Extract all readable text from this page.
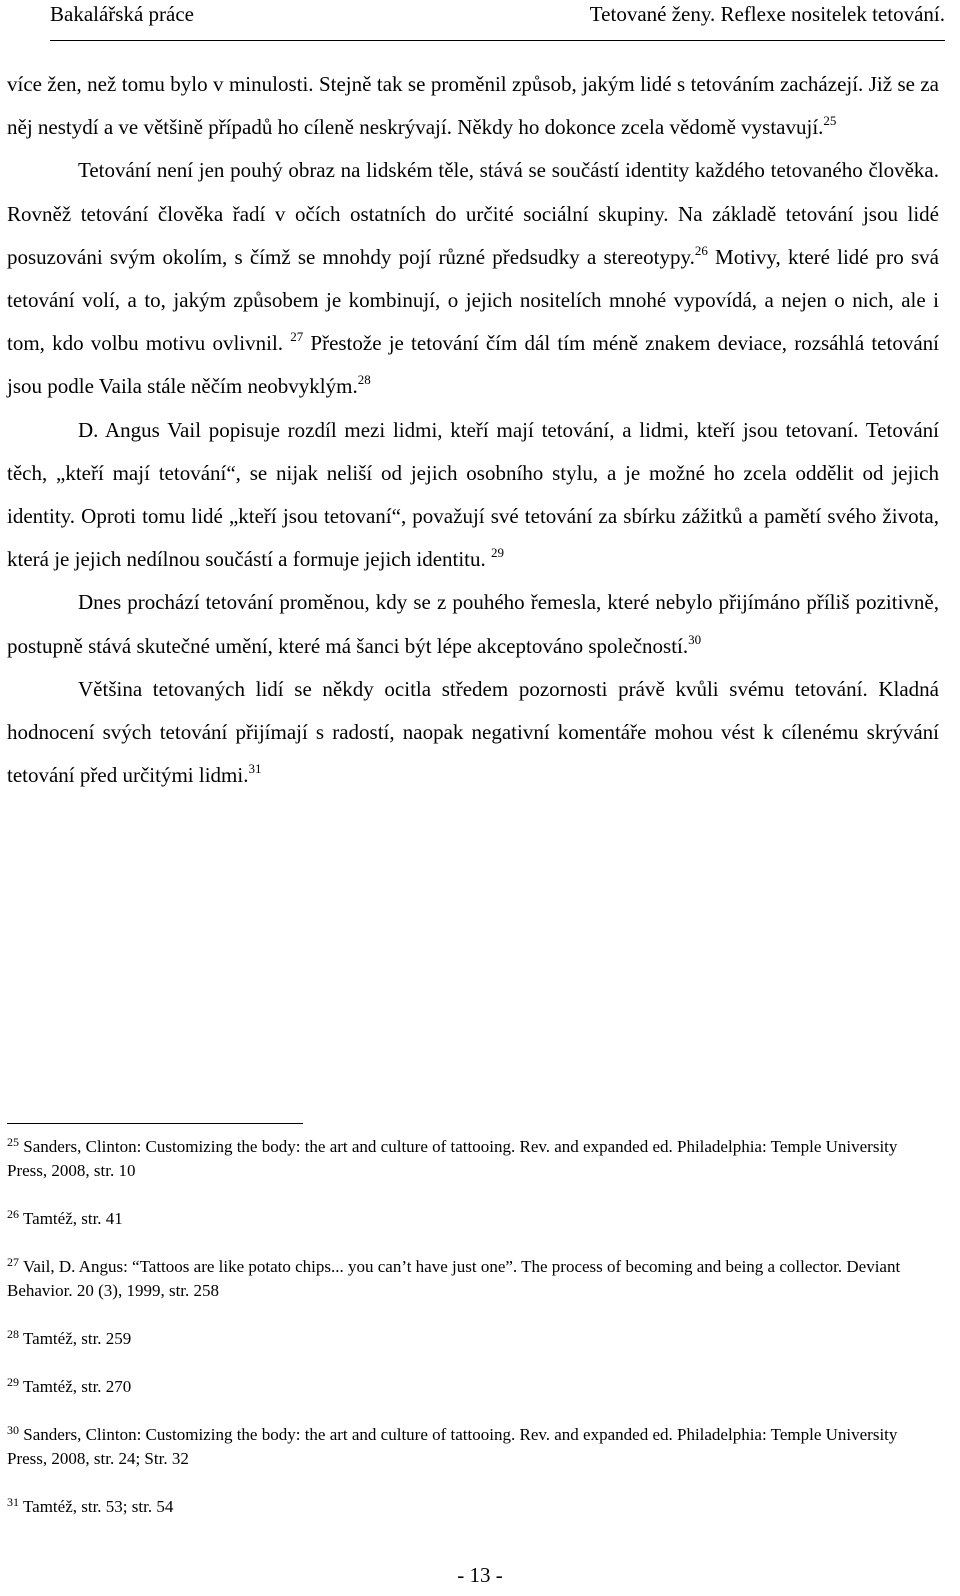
Bakalářská práce	Tetované ženy. Reflexe nositelek tetování.

více žen, než tomu bylo v minulosti. Stejně tak se proměnil způsob, jakým lidé s tetováním zacházejí. Již se za něj nestydí a ve většině případů ho cíleně neskrývají. Někdy ho dokonce zcela vědomě vystavují.$^{25}$

Tetování není jen pouhý obraz na lidském těle, stává se součástí identity každého tetovaného člověka. Rovněž tetování člověka řadí v očích ostatních do určité sociální skupiny. Na základě tetování jsou lidé posuzováni svým okolím, s čímž se mnohdy pojí různé předsudky a stereotypy.$^{26}$ Motivy, které lidé pro svá tetování volí, a to, jakým způsobem je kombinují, o jejich nositelích mnohé vypovídá, a nejen o nich, ale i tom, kdo volbu motivu ovlivnil. $^{27}$ Přestože je tetování čím dál tím méně znakem deviace, rozsáhlá tetování jsou podle Vaila stále něčím neobvyklým.$^{28}$

D. Angus Vail popisuje rozdíl mezi lidmi, kteří mají tetování, a lidmi, kteří jsou tetovaní. Tetování těch, „kteří mají tetování“, se nijak neliší od jejich osobního stylu, a je možné ho zcela oddělit od jejich identity. Oproti tomu lidé „kteří jsou tetovaní“, považují své tetování za sbírku zážitků a pamětí svého života, která je jejich nedílnou součástí a formuje jejich identitu. $^{29}$

Dnes prochází tetování proměnou, kdy se z pouhého řemesla, které nebylo přijímáno příliš pozitivně, postupně stává skutečné umění, které má šanci být lépe akceptováno společností.$^{30}$

Většina tetovaných lidí se někdy ocitla středem pozornosti právě kvůli svému tetování. Kladná hodnocení svých tetování přijímají s radostí, naopak negativní komentáře mohou vést k cílenému skrývání tetování před určitými lidmi.$^{31}$

$^{25}$ Sanders, Clinton: Customizing the body: the art and culture of tattooing. Rev. and expanded ed. Philadelphia: Temple University Press, 2008, str. 10

$^{26}$ Tamtéž, str. 41

$^{27}$ Vail, D. Angus: “Tattoos are like potato chips... you can’t have just one”. The process of becoming and being a collector. Deviant Behavior. 20 (3), 1999, str. 258

$^{28}$ Tamtéž, str. 259

$^{29}$ Tamtéž, str. 270

$^{30}$ Sanders, Clinton: Customizing the body: the art and culture of tattooing. Rev. and expanded ed. Philadelphia: Temple University Press, 2008, str. 24; Str. 32

$^{31}$ Tamtéž, str. 53; str. 54

- 13 -
